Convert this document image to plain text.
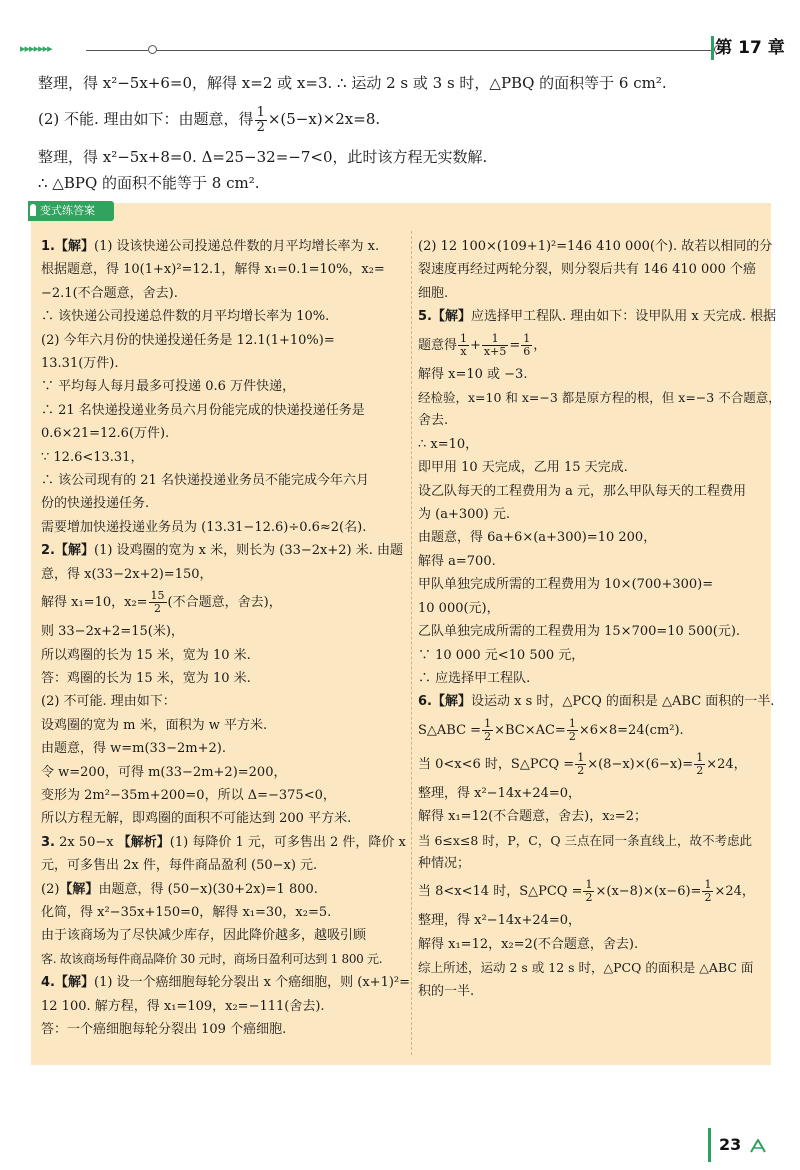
▸▸▸▸▸▸▸	第 17 章
整理，得 x²−5x+6=0，解得 x=2 或 x=3. ∴ 运动 2 s 或 3 s 时，△PBQ 的面积等于 6 cm².
(2) 不能. 理由如下：由题意，得 $\frac{1}{2} \times(5-x)\times 2x=8$.
整理，得 x²−5x+8=0. Δ=25−32=−7<0，此时该方程无实数解.
∴ △BPQ 的面积不能等于 8 cm².
变式练答案
1.【解】(1) 设该快递公司投递总件数的月平均增长率为 x.
根据题意，得 10(1+x)²=12.1，解得 x₁=0.1=10%，x₂=
−2.1(不合题意，舍去).
∴ 该快递公司投递总件数的月平均增长率为 10%.
(2) 今年六月份的快递投递任务是 12.1(1+10%)=
13.31(万件).
∵ 平均每人每月最多可投递 0.6 万件快递，
∴ 21 名快递投递业务员六月份能完成的快递投递任务是
0.6×21=12.6(万件).
∵ 12.6<13.31，
∴ 该公司现有的 21 名快递投递业务员不能完成今年六月
份的快递投递任务.
需要增加快递投递业务员为 (13.31−12.6)÷0.6≈2(名).
2.【解】(1) 设鸡圈的宽为 x 米，则长为 (33−2x+2) 米. 由题
意，得 x(33−2x+2)=150，
解得 x₁=10，$x_2= \frac{15}{2}$ (不合题意，舍去)，
则 33−2x+2=15(米)，
所以鸡圈的长为 15 米，宽为 10 米.
答：鸡圈的长为 15 米，宽为 10 米.
(2) 不可能. 理由如下：
设鸡圈的宽为 m 米，面积为 w 平方米.
由题意，得 w=m(33−2m+2).
令 w=200，可得 m(33−2m+2)=200，
变形为 2m²−35m+200=0，所以 Δ=−375<0，
所以方程无解，即鸡圈的面积不可能达到 200 平方米.
3. 2x 50−x 【解析】(1) 每降价 1 元，可多售出 2 件，降价 x
元，可多售出 2x 件，每件商品盈利 (50−x) 元.
(2)【解】由题意，得 (50−x)(30+2x)=1 800.
化简，得 x²−35x+150=0，解得 x₁=30，x₂=5.
由于该商场为了尽快减少库存，因此降价越多，越吸引顾
客. 故该商场每件商品降价 30 元时，商场日盈利可达到 1 800 元.
4.【解】(1) 设一个癌细胞每轮分裂出 x 个癌细胞，则 (x+1)²=
12 100. 解方程，得 x₁=109，x₂=−111(舍去).
答：一个癌细胞每轮分裂出 109 个癌细胞.
(2) 12 100×(109+1)²=146 410 000(个). 故若以相同的分
裂速度再经过两轮分裂，则分裂后共有 146 410 000 个癌
细胞.
5.【解】应选择甲工程队. 理由如下：设甲队用 x 天完成. 根据
题意得 $\frac{1}{x} + \frac{1}{x+5} = \frac{1}{6}$ ，
解得 x=10 或 −3.
经检验，x=10 和 x=−3 都是原方程的根，但 x=−3 不合题意，
舍去.
∴ x=10，
即甲用 10 天完成，乙用 15 天完成.
设乙队每天的工程费用为 a 元，那么甲队每天的工程费用
为 (a+300) 元.
由题意，得 6a+6×(a+300)=10 200，
解得 a=700.
甲队单独完成所需的工程费用为 10×(700+300)=
10 000(元)，
乙队单独完成所需的工程费用为 15×700=10 500(元).
∵ 10 000 元<10 500 元，
∴ 应选择甲工程队.
6.【解】设运动 x s 时，△PCQ 的面积是 △ABC 面积的一半.
S△ABC = $\frac{1}{2} \times BC\times AC= \frac{1}{2} \times 6\times 8=24(cm^2)$.
当 0<x<6 时，S△PCQ = $\frac{1}{2} \times(8-x)\times(6-x)= \frac{1}{2} \times 24$，
整理，得 x²−14x+24=0，
解得 x₁=12(不合题意，舍去)，x₂=2；
当 6≤x≤8 时，P，C，Q 三点在同一条直线上，故不考虑此
种情况；
当 8<x<14 时，S△PCQ = $\frac{1}{2} \times(x-8)\times(x-6)= \frac{1}{2} \times 24$，
整理，得 x²−14x+24=0，
解得 x₁=12，x₂=2(不合题意，舍去).
综上所述，运动 2 s 或 12 s 时，△PCQ 的面积是 △ABC 面
积的一半.
23
